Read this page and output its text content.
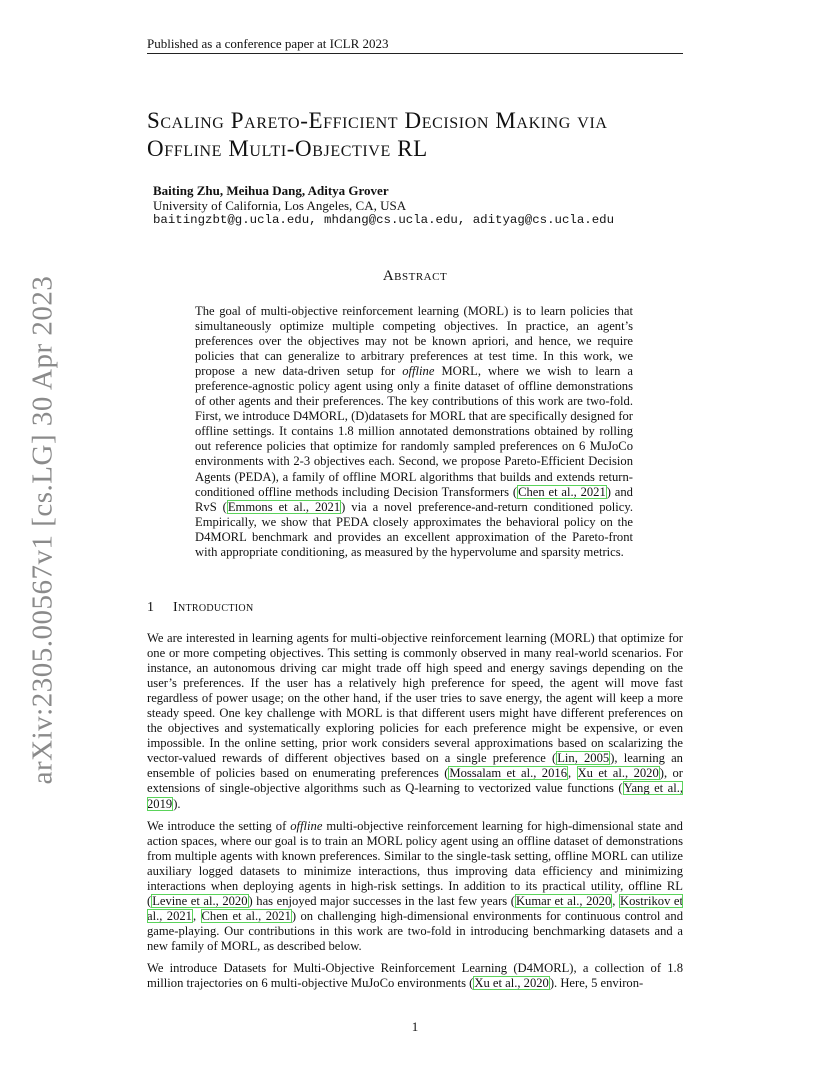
Published as a conference paper at ICLR 2023
arXiv:2305.00567v1 [cs.LG] 30 Apr 2023
Scaling Pareto-Efficient Decision Making via
Offline Multi-Objective RL
Baiting Zhu, Meihua Dang, Aditya Grover
University of California, Los Angeles, CA, USA
baitingzbt@g.ucla.edu, mhdang@cs.ucla.edu, adityag@cs.ucla.edu
Abstract
The goal of multi-objective reinforcement learning (MORL) is to learn policies that simultaneously optimize multiple competing objectives. In practice, an agent’s preferences over the objectives may not be known apriori, and hence, we require policies that can generalize to arbitrary preferences at test time. In this work, we propose a new data-driven setup for offline MORL, where we wish to learn a preference-agnostic policy agent using only a finite dataset of offline demonstrations of other agents and their preferences. The key contributions of this work are two-fold. First, we introduce D4MORL, (D)datasets for MORL that are specifically designed for offline settings. It contains 1.8 million annotated demonstrations obtained by rolling out reference policies that optimize for randomly sampled preferences on 6 MuJoCo environments with 2-3 objectives each. Second, we propose Pareto-Efficient Decision Agents (PEDA), a family of offline MORL algorithms that builds and extends return-conditioned offline methods including Decision Transformers (Chen et al., 2021) and RvS (Emmons et al., 2021) via a novel preference-and-return conditioned policy. Empirically, we show that PEDA closely approximates the behavioral policy on the D4MORL benchmark and provides an excellent approximation of the Pareto-front with appropriate conditioning, as measured by the hypervolume and sparsity metrics.
1 Introduction
We are interested in learning agents for multi-objective reinforcement learning (MORL) that optimize for one or more competing objectives. This setting is commonly observed in many real-world scenarios. For instance, an autonomous driving car might trade off high speed and energy savings depending on the user’s preferences. If the user has a relatively high preference for speed, the agent will move fast regardless of power usage; on the other hand, if the user tries to save energy, the agent will keep a more steady speed. One key challenge with MORL is that different users might have different preferences on the objectives and systematically exploring policies for each preference might be expensive, or even impossible. In the online setting, prior work considers several approximations based on scalarizing the vector-valued rewards of different objectives based on a single preference (Lin, 2005), learning an ensemble of policies based on enumerating preferences (Mossalam et al., 2016, Xu et al., 2020), or extensions of single-objective algorithms such as Q-learning to vectorized value functions (Yang et al., 2019).
We introduce the setting of offline multi-objective reinforcement learning for high-dimensional state and action spaces, where our goal is to train an MORL policy agent using an offline dataset of demonstrations from multiple agents with known preferences. Similar to the single-task setting, offline MORL can utilize auxiliary logged datasets to minimize interactions, thus improving data efficiency and minimizing interactions when deploying agents in high-risk settings. In addition to its practical utility, offline RL (Levine et al., 2020) has enjoyed major successes in the last few years (Kumar et al., 2020, Kostrikov et al., 2021, Chen et al., 2021) on challenging high-dimensional environments for continuous control and game-playing. Our contributions in this work are two-fold in introducing benchmarking datasets and a new family of MORL, as described below.
We introduce Datasets for Multi-Objective Reinforcement Learning (D4MORL), a collection of 1.8 million trajectories on 6 multi-objective MuJoCo environments (Xu et al., 2020). Here, 5 environ-
1
